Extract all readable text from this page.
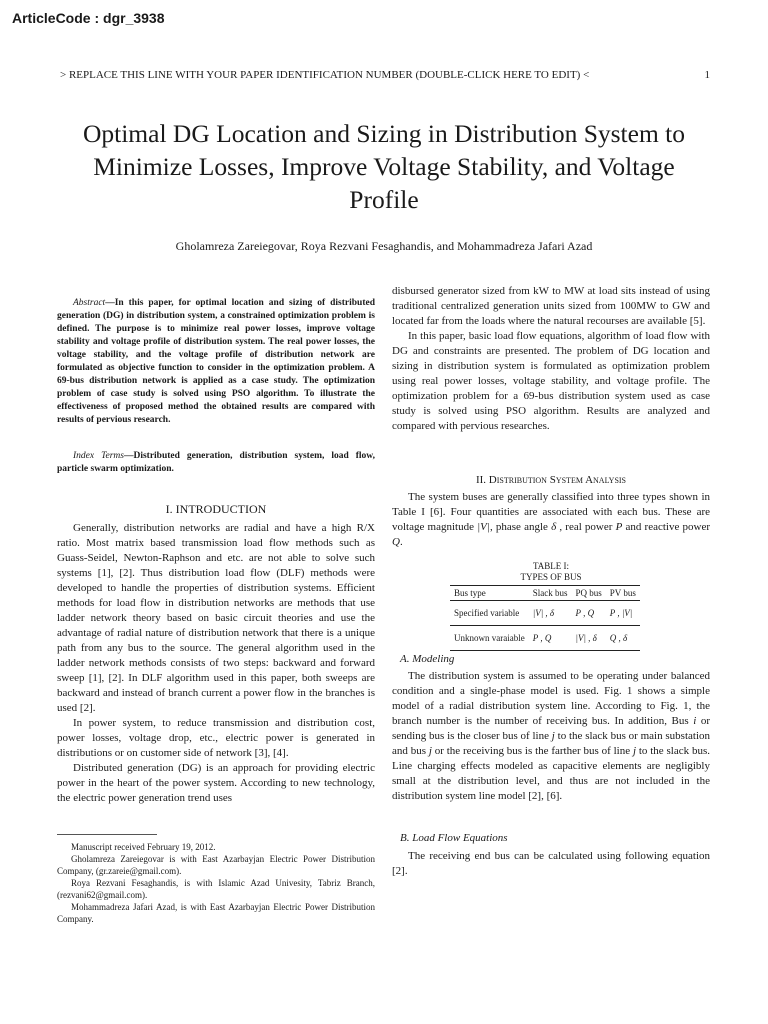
ArticleCode : dgr_3938
> REPLACE THIS LINE WITH YOUR PAPER IDENTIFICATION NUMBER (DOUBLE-CLICK HERE TO EDIT) <	1
Optimal DG Location and Sizing in Distribution System to Minimize Losses, Improve Voltage Stability, and Voltage Profile
Gholamreza Zareiegovar, Roya Rezvani Fesaghandis, and Mohammadreza Jafari Azad

Abstract—In this paper, for optimal location and sizing of distributed generation (DG) in distribution system, a constrained optimization problem is defined. The purpose is to minimize real power losses, improve voltage stability and voltage profile of distribution system. The real power losses, the voltage stability, and the voltage profile of distribution network are formulated as objective function to consider in the optimization problem. A 69-bus distribution network is applied as a case study. The optimization problem of case study is solved using PSO algorithm. To illustrate the effectiveness of proposed method the obtained results are compared with results of pervious research.

Index Terms—Distributed generation, distribution system, load flow, particle swarm optimization.

I. INTRODUCTION

Generally, distribution networks are radial and have a high R/X ratio. Most matrix based transmission load flow methods such as Guass-Seidel, Newton-Raphson and etc. are not able to solve such systems [1], [2]. Thus distribution load flow (DLF) methods were developed to handle the properties of distribution systems. Efficient methods for load flow in distribution networks are methods that use ladder network theory based on basic circuit theories and use the advantage of radial nature of distribution network that there is a unique path from any bus to the source. The general algorithm used in the ladder network methods consists of two steps: backward and forward sweep [1], [2]. In DLF algorithm used in this paper, both sweeps are backward and instead of branch current a power flow in the branches is used [2].

In power system, to reduce transmission and distribution cost, power losses, voltage drop, etc., electric power is generated in distributions or on customer side of network [3], [4].

Distributed generation (DG) is an approach for providing electric power in the heart of the power system. According to new technology, the electric power generation trend uses

Manuscript received February 19, 2012.

Gholamreza Zareiegovar is with East Azarbayjan Electric Power Distribution Company, (gr.zareie@gmail.com).

Roya Rezvani Fesaghandis, is with Islamic Azad Univesity, Tabriz Branch, (rezvani62@gmail.com).

Mohammadreza Jafari Azad, is with East Azarbayjan Electric Power Distribution Company.

disbursed generator sized from kW to MW at load sits instead of using traditional centralized generation units sized from 100MW to GW and located far from the loads where the natural recourses are available [5].

In this paper, basic load flow equations, algorithm of load flow with DG and constraints are presented. The problem of DG location and sizing in distribution system is formulated as optimization problem using real power losses, voltage stability, and voltage profile. The optimization problem for a 69-bus distribution system used as case study is solved using PSO algorithm. Results are analyzed and compared with pervious researches.

II. Distribution System Analysis

The system buses are generally classified into three types shown in Table I [6]. Four quantities are associated with each bus. These are voltage magnitude |V|, phase angle δ , real power P and reactive power Q.

TABLE I:
TYPES OF BUS
Bus type	Slack bus	PQ bus	PV bus
Specified variable	|V| , δ	P , Q	P , |V|
Unknown varaiable	P , Q	|V| , δ	Q , δ
A. Modeling

The distribution system is assumed to be operating under balanced condition and a single-phase model is used. Fig. 1 shows a simple model of a radial distribution system line. According to Fig. 1, the branch number is the number of receiving bus. In addition, Bus i or sending bus is the closer bus of line j to the slack bus or main substation and bus j or the receiving bus is the farther bus of line j to the slack bus. Line charging effects modeled as capacitive elements are negligibly small at the distribution level, and thus are not included in the distribution system line model [2], [6].

B. Load Flow Equations

The receiving end bus can be calculated using following equation [2].
